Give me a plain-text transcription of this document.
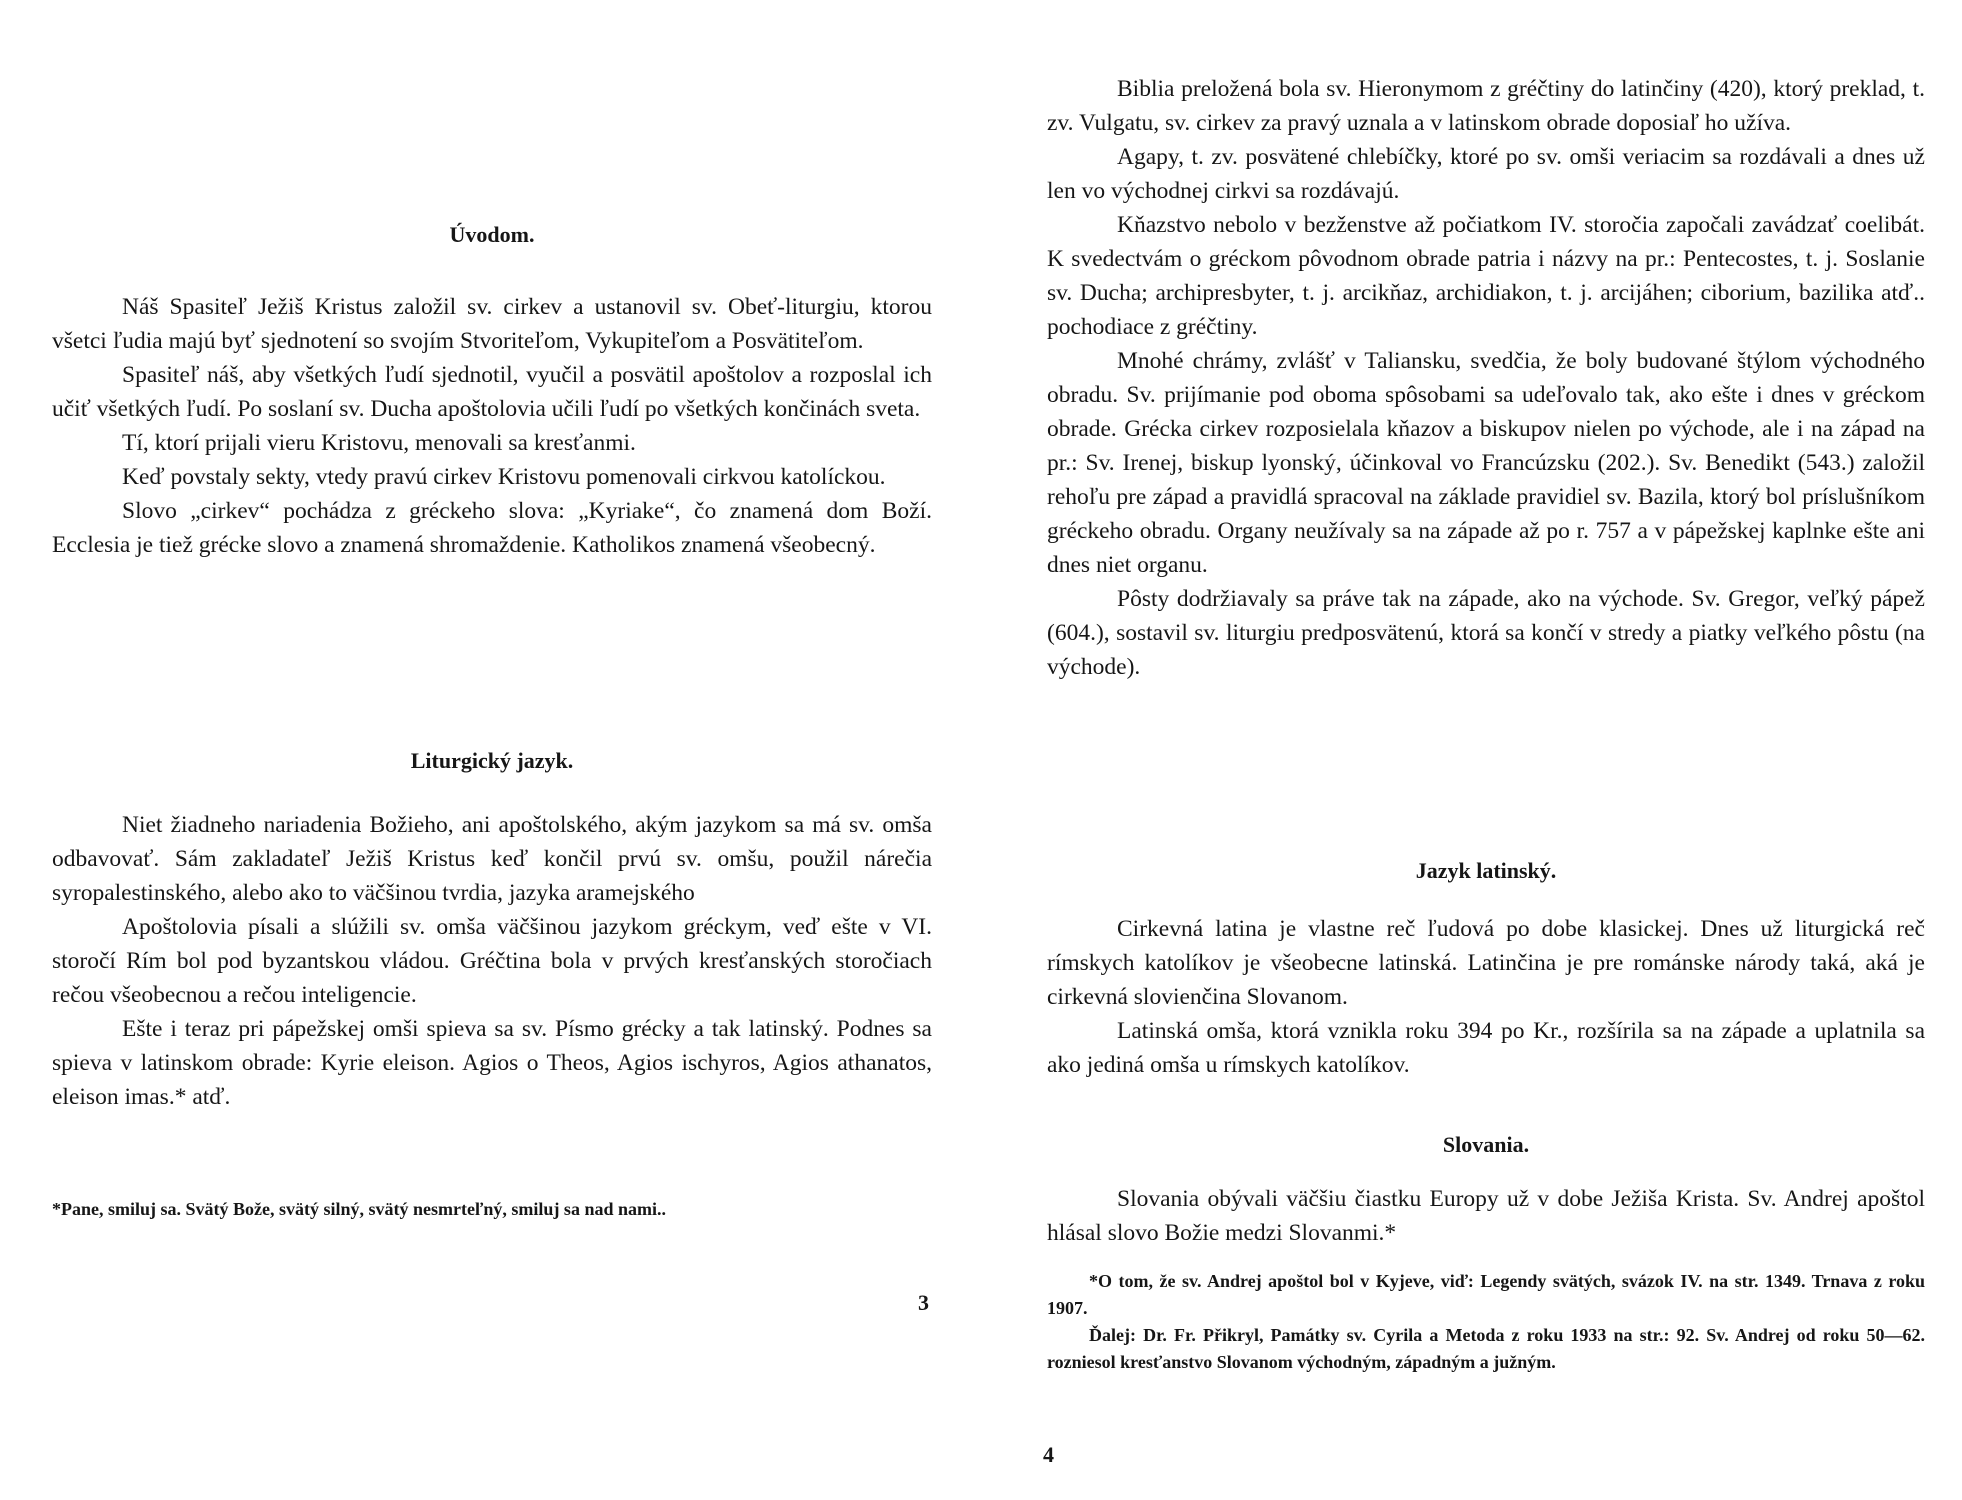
Úvodom.

Náš Spasiteľ Ježiš Kristus založil sv. cirkev a ustanovil sv. Obeť-liturgiu, ktorou všetci ľudia majú byť sjednotení so svojím Stvoriteľom, Vykupiteľom a Posvätiteľom.

Spasiteľ náš, aby všetkých ľudí sjednotil, vyučil a posvätil apoštolov a rozposlal ich učiť všetkých ľudí. Po soslaní sv. Ducha apoštolovia učili ľudí po všetkých končinách sveta.

Tí, ktorí prijali vieru Kristovu, menovali sa kresťanmi.

Keď povstaly sekty, vtedy pravú cirkev Kristovu pomenovali cirkvou katolíckou.

Slovo „cirkev“ pochádza z gréckeho slova: „Kyriake“, čo znamená dom Boží. Ecclesia je tiež grécke slovo a znamená shromaždenie. Katholikos znamená všeobecný.

Liturgický jazyk.

Niet žiadneho nariadenia Božieho, ani apoštolského, akým jazykom sa má sv. omša odbavovať. Sám zakladateľ Ježiš Kristus keď končil prvú sv. omšu, použil nárečia syropalestinského, alebo ako to väčšinou tvrdia, jazyka aramejského

Apoštolovia písali a slúžili sv. omša väčšinou jazykom gréckym, veď ešte v VI. storočí Rím bol pod byzantskou vládou. Gréčtina bola v prvých kresťanských storočiach rečou všeobecnou a rečou inteligencie.

Ešte i teraz pri pápežskej omši spieva sa sv. Písmo grécky a tak latinský. Podnes sa spieva v latinskom obrade: Kyrie eleison. Agios o Theos, Agios ischyros, Agios athanatos, eleison imas.* atď.

*Pane, smiluj sa. Svätý Bože, svätý silný, svätý nesmrteľný, smiluj sa nad nami..

3

Biblia preložená bola sv. Hieronymom z gréčtiny do latinčiny (420), ktorý preklad, t. zv. Vulgatu, sv. cirkev za pravý uznala a v latinskom obrade doposiaľ ho užíva.

Agapy, t. zv. posvätené chlebíčky, ktoré po sv. omši veriacim sa rozdávali a dnes už len vo východnej cirkvi sa rozdávajú.

Kňazstvo nebolo v bezženstve až počiatkom IV. storočia započali zavádzať coelibát. K svedectvám o gréckom pôvodnom obrade patria i názvy na pr.: Pentecostes, t. j. Soslanie sv. Ducha; archipresbyter, t. j. arcikňaz, archidiakon, t. j. arcijáhen; ciborium, bazilika atď.. pochodiace z gréčtiny.

Mnohé chrámy, zvlášť v Taliansku, svedčia, že boly budované štýlom východného obradu. Sv. prijímanie pod oboma spôsobami sa udeľovalo tak, ako ešte i dnes v gréckom obrade. Grécka cirkev rozposielala kňazov a biskupov nielen po východe, ale i na západ na pr.: Sv. Irenej, biskup lyonský, účinkoval vo Francúzsku (202.). Sv. Benedikt (543.) založil rehoľu pre západ a pravidlá spracoval na základe pravidiel sv. Bazila, ktorý bol príslušníkom gréckeho obradu. Organy neužívaly sa na západe až po r. 757 a v pápežskej kaplnke ešte ani dnes niet organu.

Pôsty dodržiavaly sa práve tak na západe, ako na východe. Sv. Gregor, veľký pápež (604.), sostavil sv. liturgiu predposvätenú, ktorá sa končí v stredy a piatky veľkého pôstu (na východe).

Jazyk latinský.

Cirkevná latina je vlastne reč ľudová po dobe klasickej. Dnes už liturgická reč rímskych katolíkov je všeobecne latinská. Latinčina je pre románske národy taká, aká je cirkevná slovienčina Slovanom.

Latinská omša, ktorá vznikla roku 394 po Kr., rozšírila sa na západe a uplatnila sa ako jediná omša u rímskych katolíkov.

Slovania.

Slovania obývali väčšiu čiastku Europy už v dobe Ježiša Krista. Sv. Andrej apoštol hlásal slovo Božie medzi Slovanmi.*

*O tom, že sv. Andrej apoštol bol v Kyjeve, viď: Legendy svätých, svázok IV. na str. 1349. Trnava z roku 1907.

Ďalej: Dr. Fr. Přikryl, Památky sv. Cyrila a Metoda z roku 1933 na str.: 92. Sv. Andrej od roku 50—62. rozniesol kresťanstvo Slovanom východným, západným a južným.

4
